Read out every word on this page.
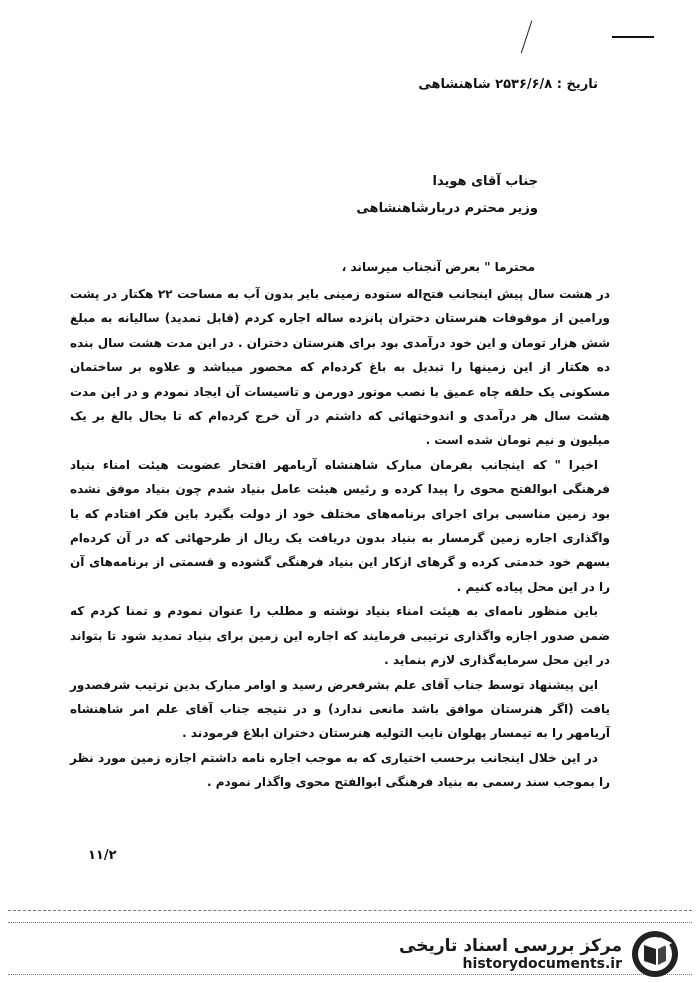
تاریخ : ۲۵۳۶/۶/۸ شاهنشاهی
جناب آقای هویدا
وزیر محترم دربارشاهنشاهی
محترما " بعرض آنجناب میرساند ،

در هشت سال پیش اینجانب فتح‌اله ستوده زمینی بایر بدون آب به مساحت ۲۲ هکتار در پشت ورامین از موقوفات هنرستان دختران پانزده ساله اجاره کردم (قابل تمدید) سالیانه به مبلغ شش هزار تومان و این خود درآمدی بود برای هنرستان دختران . در این مدت هشت سال بنده ده هکتار از این زمینها را تبدیل به باغ کرده‌ام که محصور میباشد و علاوه بر ساختمان مسکونی یک حلقه چاه عمیق با نصب موتور دورمن و تاسیسات آن ایجاد نمودم و در این مدت هشت سال هر درآمدی و اندوختهائی که داشتم در آن خرج کرده‌ام که تا بحال بالغ بر یک میلیون و نیم تومان شده است .

اخیرا " که اینجانب بفرمان مبارک شاهنشاه آریامهر افتخار عضویت هیئت امناء بنیاد فرهنگی ابوالفتح محوی را پیدا کرده و رئیس هیئت عامل بنیاد شدم چون بنیاد موفق نشده بود زمین مناسبی برای اجرای برنامه‌های مختلف خود از دولت بگیرد باین فکر افتادم که با واگذاری اجاره زمین گرمسار به بنیاد بدون دریافت یک ریال از طرحهائی که در آن کرده‌ام بسهم خود خدمتی کرده و گرهای ازکار این بنیاد فرهنگی گشوده و قسمتی از برنامه‌های آن را در این محل پیاده کنیم .

باین منظور نامه‌ای به هیئت امناء بنیاد نوشته و مطلب را عنوان نمودم و تمنا کردم که ضمن صدور اجازه واگذاری ترتیبی فرمایند که اجاره این زمین برای بنیاد تمدید شود تا بتواند در این محل سرمایه‌گذاری لازم بنماید .

این پیشنهاد توسط جناب آقای علم بشرفعرض رسید و اوامر مبارک بدین ترتیب شرفصدور یافت (اگر هنرستان موافق باشد مانعی ندارد) و در نتیجه جناب آقای علم امر شاهنشاه آریامهر را به تیمسار پهلوان نایب التولیه هنرستان دختران ابلاغ فرمودند .

در این خلال اینجانب برحسب اختیاری که به موجب اجاره نامه داشتم اجازه زمین مورد نظر را بموجب سند رسمی به بنیاد فرهنگی ابوالفتح محوی واگذار نمودم .

۱۱/۲
مرکز بررسی اسناد تاریخی
historydocuments.ir
